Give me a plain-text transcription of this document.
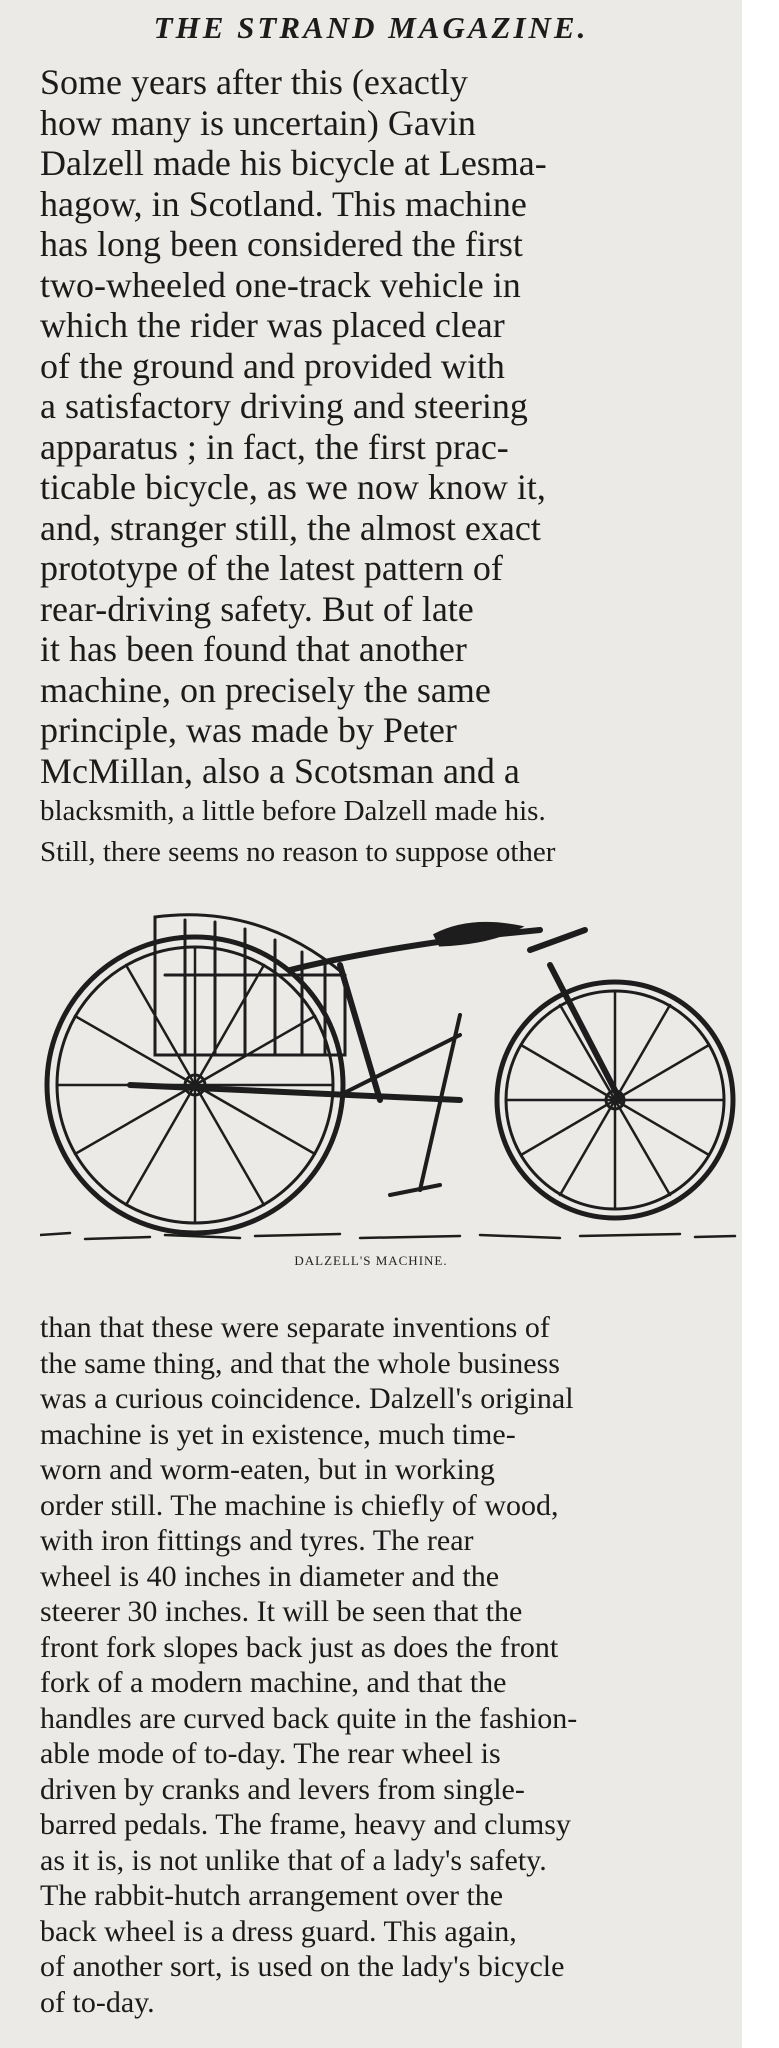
THE STRAND MAGAZINE.
Some years after this (exactly
how many is uncertain) Gavin
Dalzell made his bicycle at Lesma-
hagow, in Scotland. This machine
has long been considered the first
two-wheeled one-track vehicle in
which the rider was placed clear
of the ground and provided with
a satisfactory driving and steering
apparatus ; in fact, the first prac-
ticable bicycle, as we now know it,
and, stranger still, the almost exact
prototype of the latest pattern of
rear-driving safety. But of late
it has been found that another
machine, on precisely the same
principle, was made by Peter
McMillan, also a Scotsman and a
blacksmith, a little before Dalzell made his.
Still, there seems no reason to suppose other

DALZELL'S MACHINE.

than that these were separate inventions of
the same thing, and that the whole business
was a curious coincidence. Dalzell's original
machine is yet in existence, much time-
worn and worm-eaten, but in working
order still. The machine is chiefly of wood,
with iron fittings and tyres. The rear
wheel is 40 inches in diameter and the
steerer 30 inches. It will be seen that the
front fork slopes back just as does the front
fork of a modern machine, and that the
handles are curved back quite in the fashion-
able mode of to-day. The rear wheel is
driven by cranks and levers from single-
barred pedals. The frame, heavy and clumsy
as it is, is not unlike that of a lady's safety.
The rabbit-hutch arrangement over the
back wheel is a dress guard. This again,
of another sort, is used on the lady's bicycle
of to-day.
